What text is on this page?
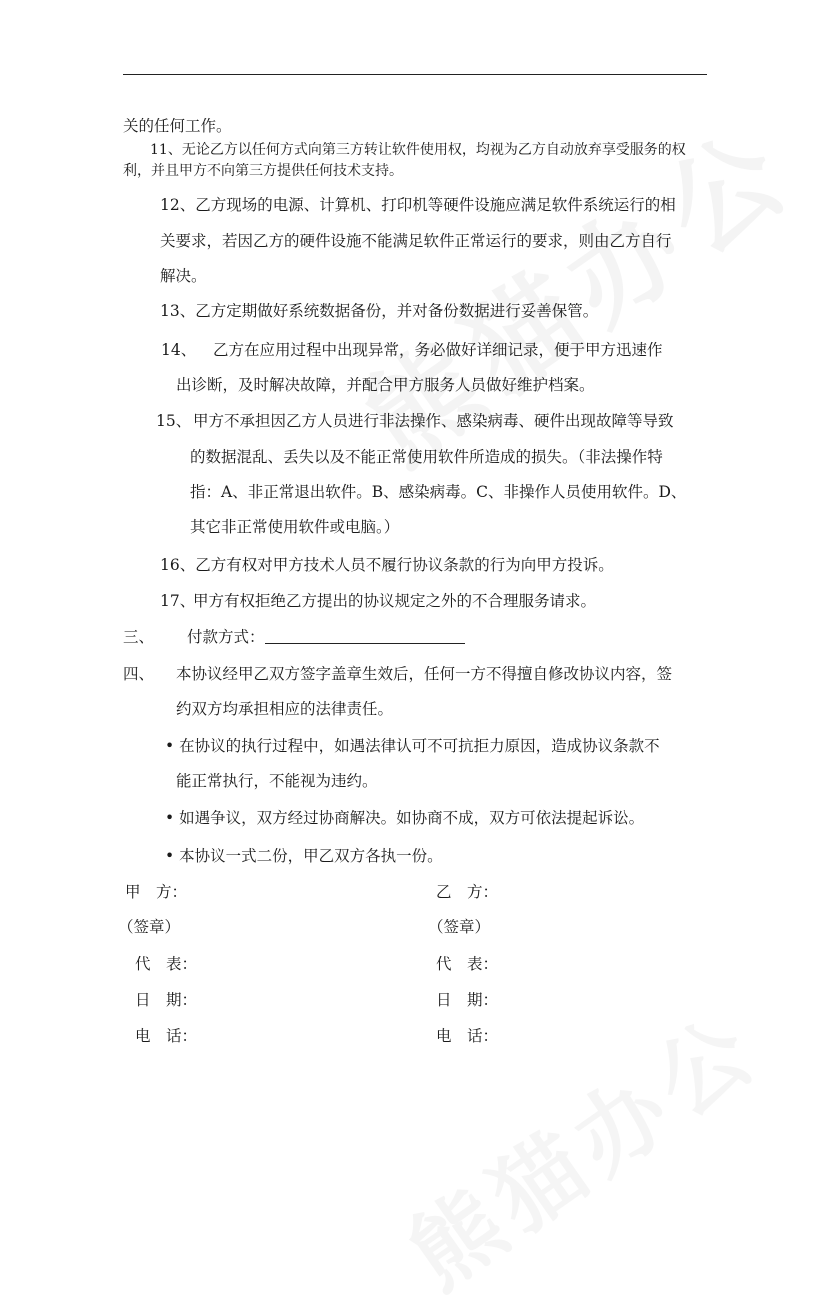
关的任何工作。
11、无论乙方以任何方式向第三方转让软件使用权，均视为乙方自动放弃享受服务的权
利，并且甲方不向第三方提供任何技术支持。
12、乙方现场的电源、计算机、打印机等硬件设施应满足软件系统运行的相
关要求，若因乙方的硬件设施不能满足软件正常运行的要求，则由乙方自行
解决。
13、乙方定期做好系统数据备份，并对备份数据进行妥善保管。
14、 乙方在应用过程中出现异常，务必做好详细记录，便于甲方迅速作
出诊断，及时解决故障，并配合甲方服务人员做好维护档案。
15、 甲方不承担因乙方人员进行非法操作、感染病毒、硬件出现故障等导致
的数据混乱、丢失以及不能正常使用软件所造成的损失。（非法操作特
指：A、非正常退出软件。B、感染病毒。C、非操作人员使用软件。D、
其它非正常使用软件或电脑。）
16、乙方有权对甲方技术人员不履行协议条款的行为向甲方投诉。
17、
甲方有权拒绝乙方提出的协议规定之外的不合理服务请求。
三、 付款方式：
四、 本协议经甲乙双方签字盖章生效后，任何一方不得擅自修改协议内容，签
约双方均承担相应的法律责任。
• 在协议的执行过程中，如遇法律认可不可抗拒力原因，造成协议条款不
能正常执行，不能视为违约。
• 如遇争议，双方经过协商解决。如协商不成，双方可依法提起诉讼。
• 本协议一式二份，甲乙双方各执一份。
甲　方：	乙　方：
（签章）	（签章）
代　表：	代　表：
日　期：	日　期：
电　话：	电　话：
